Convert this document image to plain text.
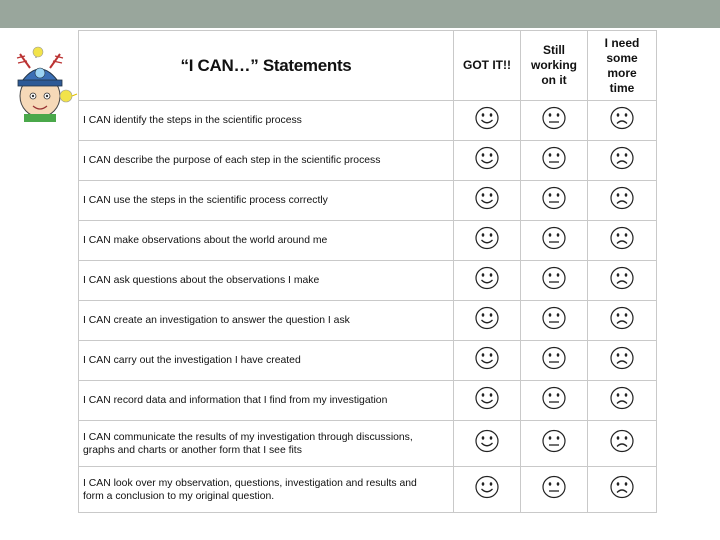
“I CAN…” Statements	GOT IT!!	Still
working
on it	I need
some
more
time
I CAN identify the steps in the scientific process			
I CAN describe the purpose of each step in the scientific process			
I CAN use the steps in the scientific process correctly			
I CAN make observations about the world around me			
I CAN ask questions about the observations I make			
I CAN create an investigation to answer the question I ask			
I CAN carry out the investigation I have created			
I CAN record data and information that I find from my investigation			
I CAN communicate the results of my investigation through discussions,
graphs and charts or another form that I see fits			
I CAN look over my observation, questions, investigation and results and
form a conclusion to my original question.			
